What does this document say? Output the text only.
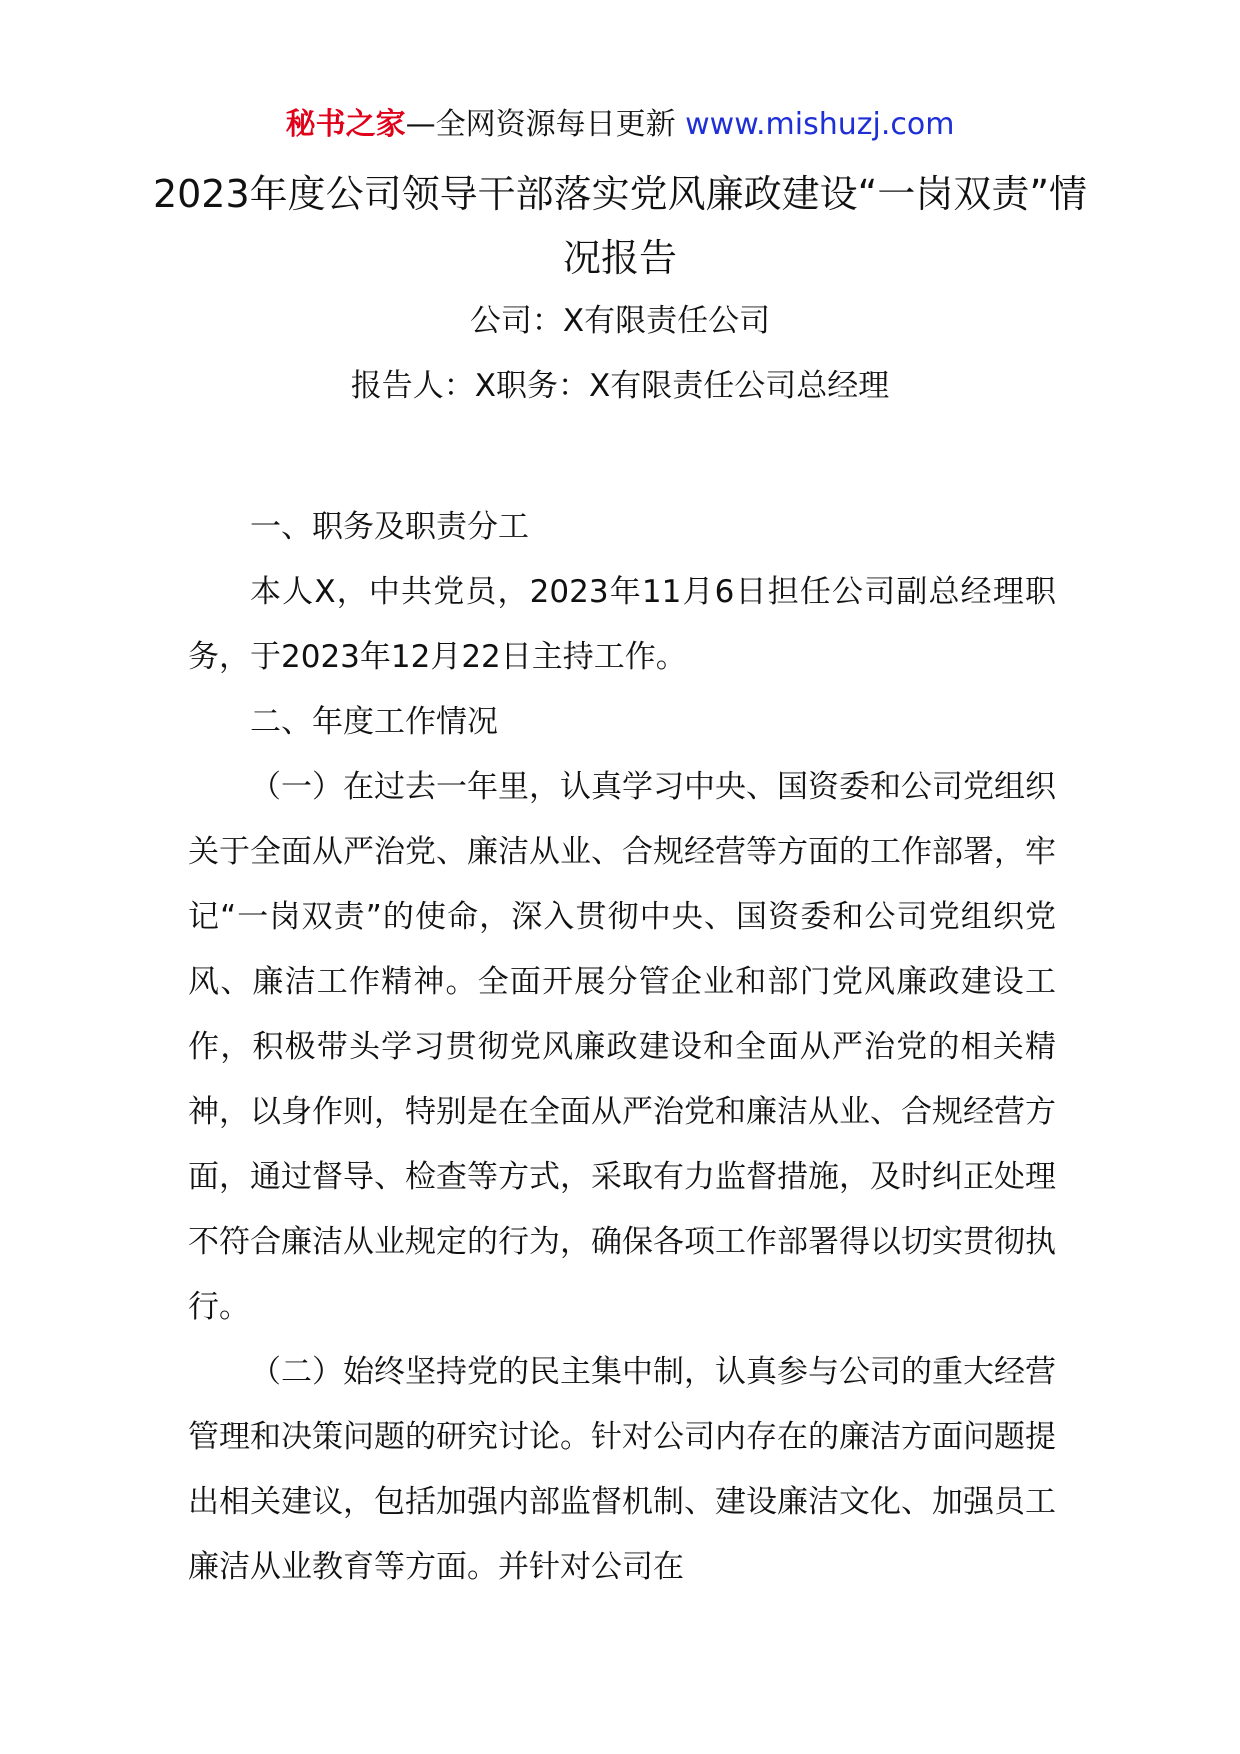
秘书之家—全网资源每日更新 www.mishuzj.com
2023年度公司领导干部落实党风廉政建设“一岗双责”情况报告
公司：X有限责任公司
报告人：X职务：X有限责任公司总经理

一、职务及职责分工

本人X，中共党员，2023年11月6日担任公司副总经理职务，于2023年12月22日主持工作。

二、年度工作情况

（一）在过去一年里，认真学习中央、国资委和公司党组织关于全面从严治党、廉洁从业、合规经营等方面的工作部署，牢记“一岗双责”的使命，深入贯彻中央、国资委和公司党组织党风、廉洁工作精神。全面开展分管企业和部门党风廉政建设工作，积极带头学习贯彻党风廉政建设和全面从严治党的相关精神，以身作则，特别是在全面从严治党和廉洁从业、合规经营方面，通过督导、检查等方式，采取有力监督措施，及时纠正处理不符合廉洁从业规定的行为，确保各项工作部署得以切实贯彻执行。

（二）始终坚持党的民主集中制，认真参与公司的重大经营管理和决策问题的研究讨论。针对公司内存在的廉洁方面问题提出相关建议，包括加强内部监督机制、建设廉洁文化、加强员工廉洁从业教育等方面。并针对公司在
